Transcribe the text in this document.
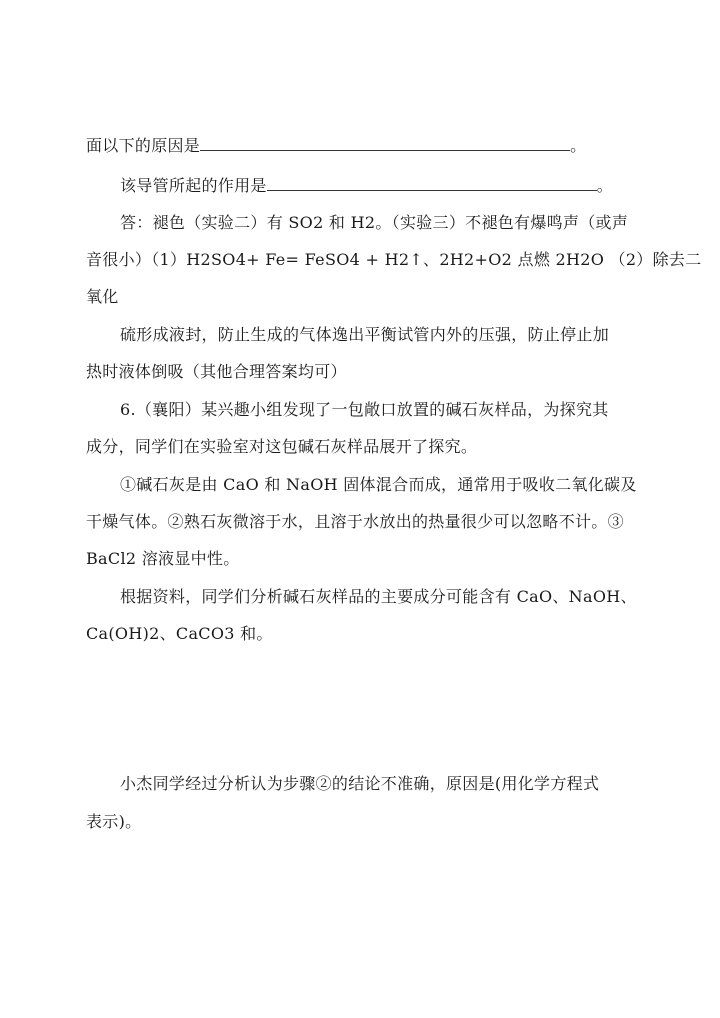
面以下的原因是	。
该导管所起的作用是	。
答：褪色（实验二）有 SO2 和 H2。（实验三）不褪色有爆鸣声（或声
音很小）（1）H2SO4+ Fe= FeSO4 + H2↑、2H2+O2 点燃 2H2O （2）除去二
氧化
硫形成液封，防止生成的气体逸出平衡试管内外的压强，防止停止加
热时液体倒吸（其他合理答案均可）
6.（襄阳）某兴趣小组发现了一包敞口放置的碱石灰样品，为探究其
成分，同学们在实验室对这包碱石灰样品展开了探究。
①碱石灰是由 CaO 和 NaOH 固体混合而成，通常用于吸收二氧化碳及
干燥气体。②熟石灰微溶于水，且溶于水放出的热量很少可以忽略不计。③
BaCl2 溶液显中性。
根据资料，同学们分析碱石灰样品的主要成分可能含有 CaO、NaOH、
Ca(OH)2、CaCO3 和。
小杰同学经过分析认为步骤②的结论不准确，原因是(用化学方程式
表示)。
